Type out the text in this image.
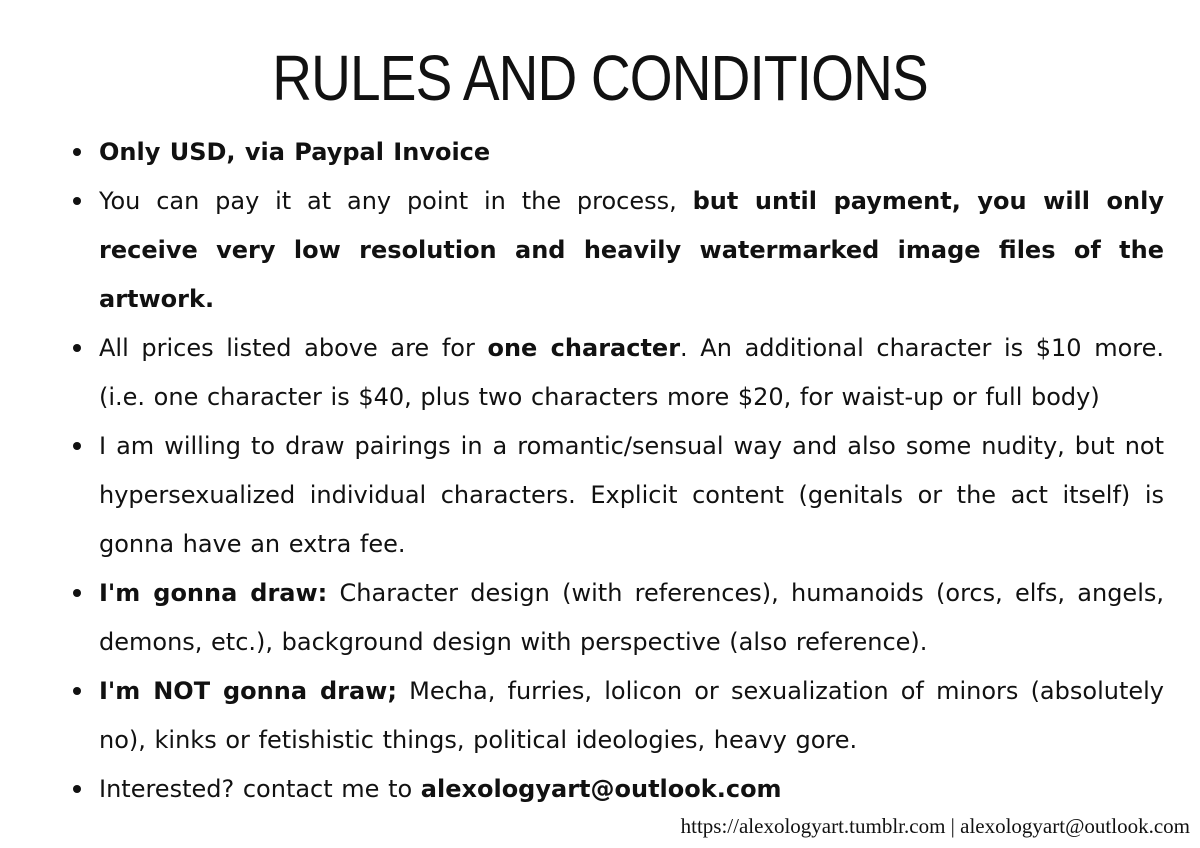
RULES AND CONDITIONS
Only USD, via Paypal Invoice
You can pay it at any point in the process, but until payment, you will only receive very low resolution and heavily watermarked image files of the artwork.
All prices listed above are for one character. An additional character is $10 more. (i.e. one character is $40, plus two characters more $20, for waist-up or full body)
I am willing to draw pairings in a romantic/sensual way and also some nudity, but not hypersexualized individual characters. Explicit content (genitals or the act itself) is gonna have an extra fee.
I'm gonna draw: Character design (with references), humanoids (orcs, elfs, angels, demons, etc.), background design with perspective (also reference).
I'm NOT gonna draw; Mecha, furries, lolicon or sexualization of minors (absolutely no), kinks or fetishistic things, political ideologies, heavy gore.
Interested? contact me to alexologyart@outlook.com
https://alexologyart.tumblr.com | alexologyart@outlook.com
